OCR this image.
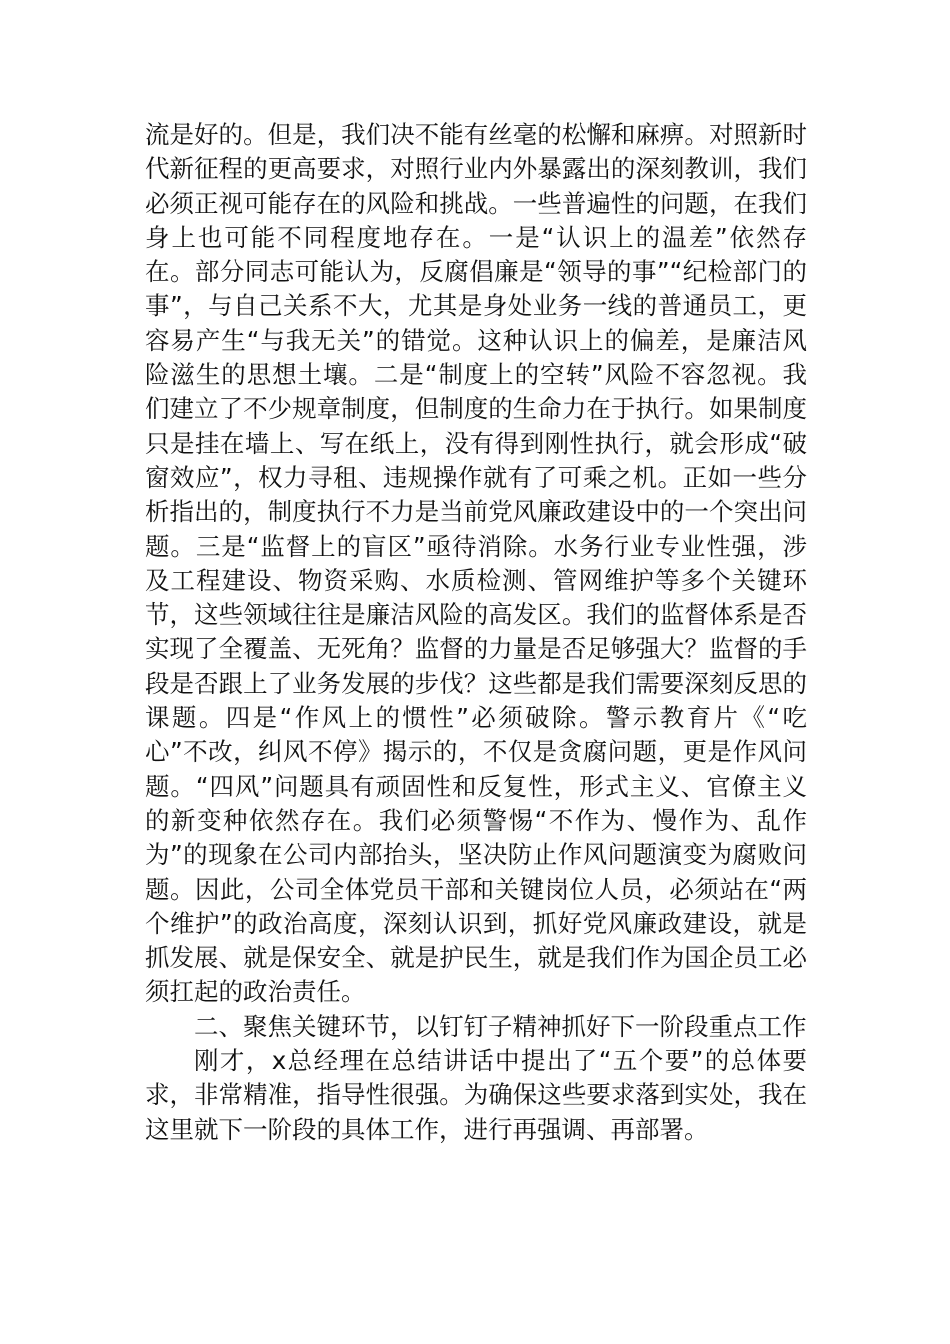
流是好的。但是，我们决不能有丝毫的松懈和麻痹。对照新时代新征程的更高要求，对照行业内外暴露出的深刻教训，我们必须正视可能存在的风险和挑战。一些普遍性的问题，在我们身上也可能不同程度地存在。一是“认识上的温差”依然存在。部分同志可能认为，反腐倡廉是“领导的事”“纪检部门的事”，与自己关系不大，尤其是身处业务一线的普通员工，更容易产生“与我无关”的错觉。这种认识上的偏差，是廉洁风险滋生的思想土壤。二是“制度上的空转”风险不容忽视。我们建立了不少规章制度，但制度的生命力在于执行。如果制度只是挂在墙上、写在纸上，没有得到刚性执行，就会形成“破窗效应”，权力寻租、违规操作就有了可乘之机。正如一些分析指出的，制度执行不力是当前党风廉政建设中的一个突出问题。三是“监督上的盲区”亟待消除。水务行业专业性强，涉及工程建设、物资采购、水质检测、管网维护等多个关键环节，这些领域往往是廉洁风险的高发区。我们的监督体系是否实现了全覆盖、无死角？监督的力量是否足够强大？监督的手段是否跟上了业务发展的步伐？这些都是我们需要深刻反思的课题。四是“作风上的惯性”必须破除。警示教育片《“吃心”不改，纠风不停》揭示的，不仅是贪腐问题，更是作风问题。“四风”问题具有顽固性和反复性，形式主义、官僚主义的新变种依然存在。我们必须警惕“不作为、慢作为、乱作为”的现象在公司内部抬头，坚决防止作风问题演变为腐败问题。因此，公司全体党员干部和关键岗位人员，必须站在“两个维护”的政治高度，深刻认识到，抓好党风廉政建设，就是抓发展、就是保安全、就是护民生，就是我们作为国企员工必须扛起的政治责任。

二、聚焦关键环节，以钉钉子精神抓好下一阶段重点工作

刚才，x总经理在总结讲话中提出了“五个要”的总体要求，非常精准，指导性很强。为确保这些要求落到实处，我在这里就下一阶段的具体工作，进行再强调、再部署。
